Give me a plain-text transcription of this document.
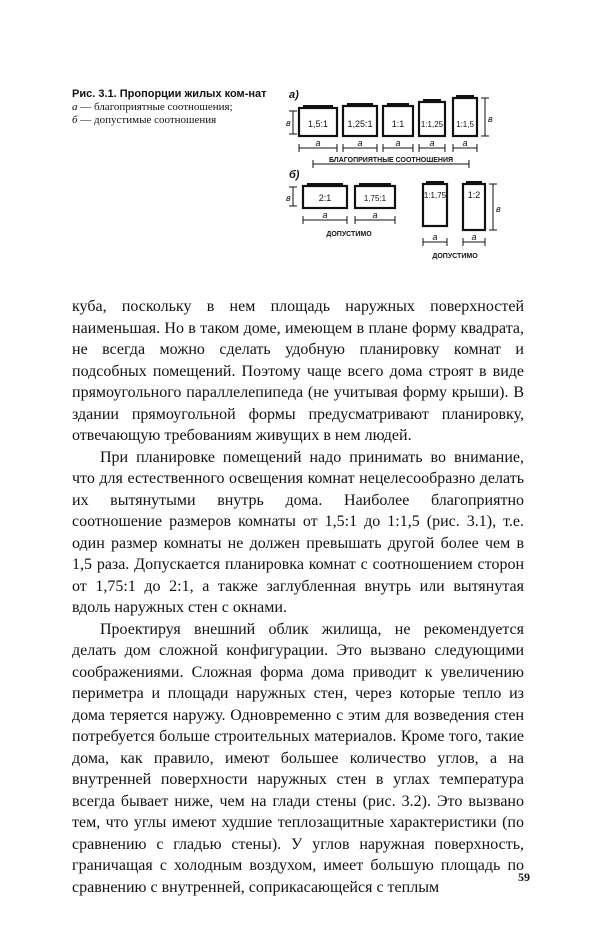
Рис. 3.1. Пропорции жилых ком-нат
а — благоприятные соотношения;
б — допустимые соотношения
а)
в 1,5:1 1,25:1 1:1 1:1,25 1:1,5
в
a	a	a	a	a
БЛАГОПРИЯТНЫЕ СООТНОШЕНИЯ
б)
в	2:1	1,75:1
a	a
ДОПУСТИМО
1:1,75 1:2
в
a	a
ДОПУСТИМО

куба, поскольку в нем площадь наружных поверхностей наименьшая. Но в таком доме, имеющем в плане форму квадрата, не всегда можно сделать удобную планировку комнат и подсобных помещений. Поэтому чаще всего дома строят в виде прямоугольного параллелепипеда (не учитывая форму крыши). В здании прямоугольной формы предусматривают планировку, отвечающую требованиям живущих в нем людей.

При планировке помещений надо принимать во внимание, что для естественного освещения комнат нецелесообразно делать их вытянутыми внутрь дома. Наиболее благоприятно соотношение размеров комнаты от 1,5:1 до 1:1,5 (рис. 3.1), т.е. один размер комнаты не должен превышать другой более чем в 1,5 раза. Допускается планировка комнат с соотношением сторон от 1,75:1 до 2:1, а также заглубленная внутрь или вытянутая вдоль наружных стен с окнами.

Проектируя внешний облик жилища, не рекомендуется делать дом сложной конфигурации. Это вызвано следующими соображениями. Сложная форма дома приводит к увеличению периметра и площади наружных стен, через которые тепло из дома теряется наружу. Одновременно с этим для возведения стен потребуется больше строительных материалов. Кроме того, такие дома, как правило, имеют большее количество углов, а на внутренней поверхности наружных стен в углах температура всегда бывает ниже, чем на глади стены (рис. 3.2). Это вызвано тем, что углы имеют худшие теплозащитные характеристики (по сравнению с гладью стены). У углов наружная поверхность, граничащая с холодным воздухом, имеет большую площадь по сравнению с внутренней, соприкасающейся с теплым

59
